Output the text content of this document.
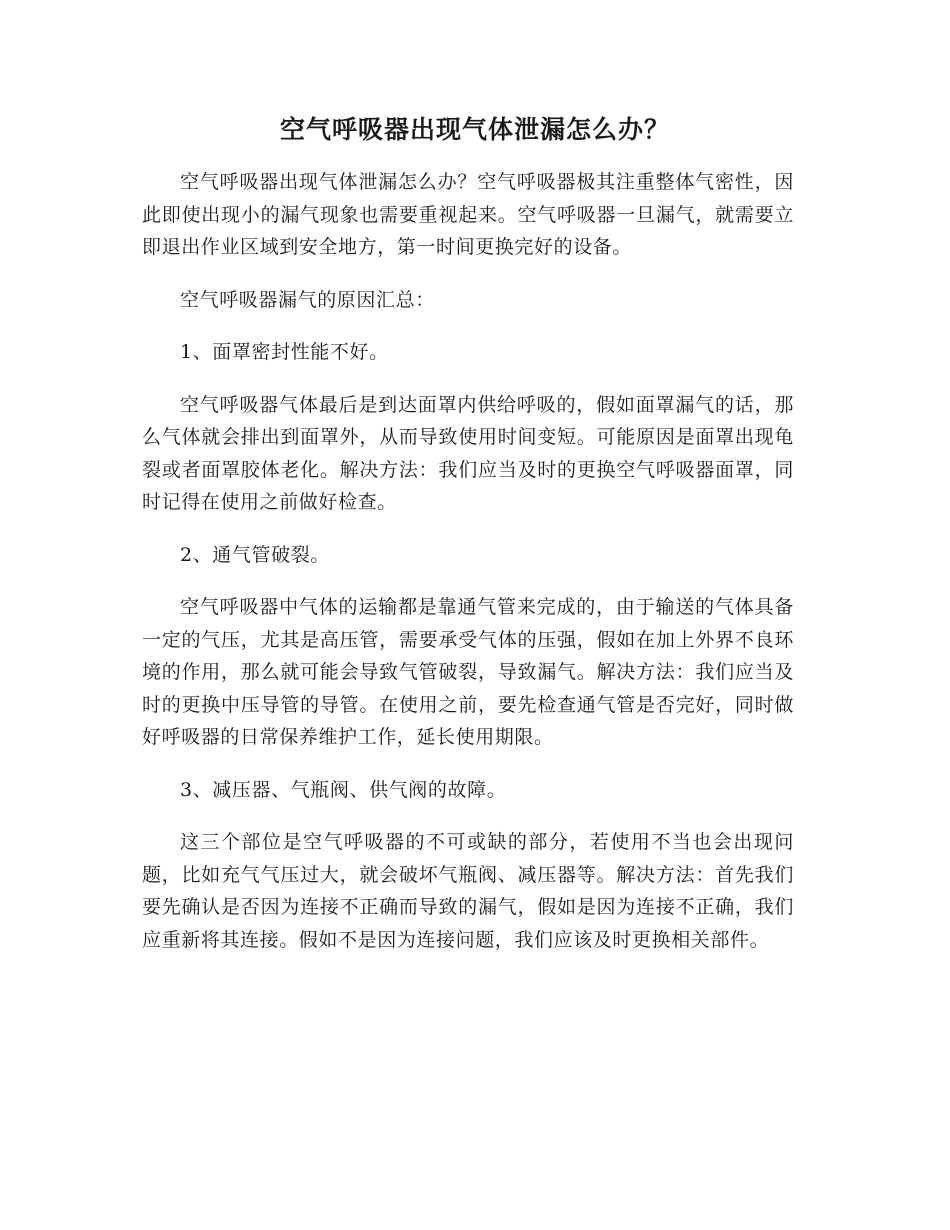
空气呼吸器出现气体泄漏怎么办？

空气呼吸器出现气体泄漏怎么办？空气呼吸器极其注重整体气密性，因此即使出现小的漏气现象也需要重视起来。空气呼吸器一旦漏气，就需要立即退出作业区域到安全地方，第一时间更换完好的设备。

空气呼吸器漏气的原因汇总：

1、面罩密封性能不好。

空气呼吸器气体最后是到达面罩内供给呼吸的，假如面罩漏气的话，那么气体就会排出到面罩外，从而导致使用时间变短。可能原因是面罩出现龟裂或者面罩胶体老化。解决方法：我们应当及时的更换空气呼吸器面罩，同时记得在使用之前做好检查。

2、通气管破裂。

空气呼吸器中气体的运输都是靠通气管来完成的，由于输送的气体具备一定的气压，尤其是高压管，需要承受气体的压强，假如在加上外界不良环境的作用，那么就可能会导致气管破裂，导致漏气。解决方法：我们应当及时的更换中压导管的导管。在使用之前，要先检查通气管是否完好，同时做好呼吸器的日常保养维护工作，延长使用期限。

3、减压器、气瓶阀、供气阀的故障。

这三个部位是空气呼吸器的不可或缺的部分，若使用不当也会出现问题，比如充气气压过大，就会破坏气瓶阀、减压器等。解决方法：首先我们要先确认是否因为连接不正确而导致的漏气，假如是因为连接不正确，我们应重新将其连接。假如不是因为连接问题，我们应该及时更换相关部件。
